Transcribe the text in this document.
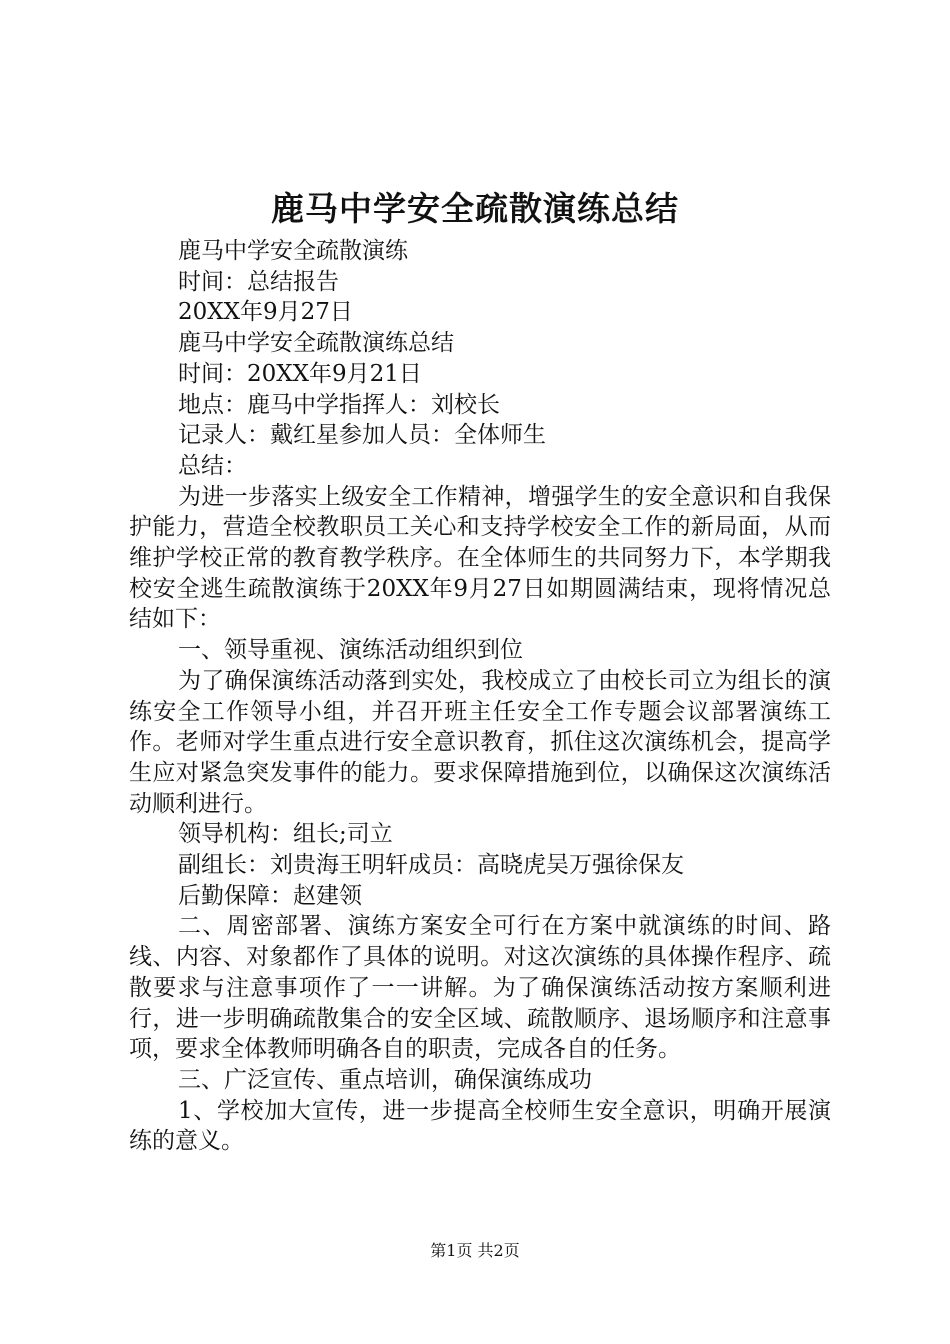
鹿马中学安全疏散演练总结

鹿马中学安全疏散演练

时间：总结报告

20XX年9月27日

鹿马中学安全疏散演练总结

时间：20XX年9月21日

地点：鹿马中学指挥人：刘校长

记录人：戴红星参加人员：全体师生

总结：

为进一步落实上级安全工作精神，增强学生的安全意识和自我保护能力，营造全校教职员工关心和支持学校安全工作的新局面，从而维护学校正常的教育教学秩序。在全体师生的共同努力下，本学期我校安全逃生疏散演练于20XX年9月27日如期圆满结束，现将情况总结如下：

一、领导重视、演练活动组织到位

为了确保演练活动落到实处，我校成立了由校长司立为组长的演练安全工作领导小组，并召开班主任安全工作专题会议部署演练工作。老师对学生重点进行安全意识教育，抓住这次演练机会，提高学生应对紧急突发事件的能力。要求保障措施到位，以确保这次演练活动顺利进行。

领导机构：组长;司立

副组长：刘贵海王明轩成员：高晓虎吴万强徐保友

后勤保障：赵建领

二、周密部署、演练方案安全可行在方案中就演练的时间、路线、内容、对象都作了具体的说明。对这次演练的具体操作程序、疏散要求与注意事项作了一一讲解。为了确保演练活动按方案顺利进行，进一步明确疏散集合的安全区域、疏散顺序、退场顺序和注意事项，要求全体教师明确各自的职责，完成各自的任务。

三、广泛宣传、重点培训，确保演练成功

1、学校加大宣传，进一步提高全校师生安全意识，明确开展演练的意义。

第1页 共2页
